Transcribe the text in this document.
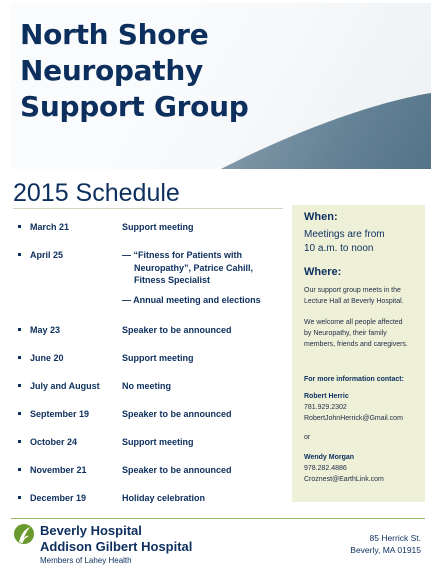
North Shore
Neuropathy
Support Group
2015 Schedule
March 21	Support meeting
April 25	— “Fitness for Patients with
Neuropathy”, Patrice Cahill,
Fitness Specialist
— Annual meeting and elections
May 23	Speaker to be announced
June 20	Support meeting
July and August	No meeting
September 19	Speaker to be announced
October 24	Support meeting
November 21	Speaker to be announced
December 19	Holiday celebration
When:
Meetings are from
10 a.m. to noon
Where:
Our support group meets in the
Lecture Hall at Beverly Hospital.
We welcome all people affected
by Neuropathy, their family
members, friends and caregivers.
For more information contact:
Robert Herric
781.929.2302
RobertJohnHerrick@Gmail.com
or
Wendy Morgan
978.282.4886
Croznest@EarthLink.com
Beverly Hospital
Addison Gilbert Hospital
Members of Lahey Health
85 Herrick St.
Beverly, MA 01915
